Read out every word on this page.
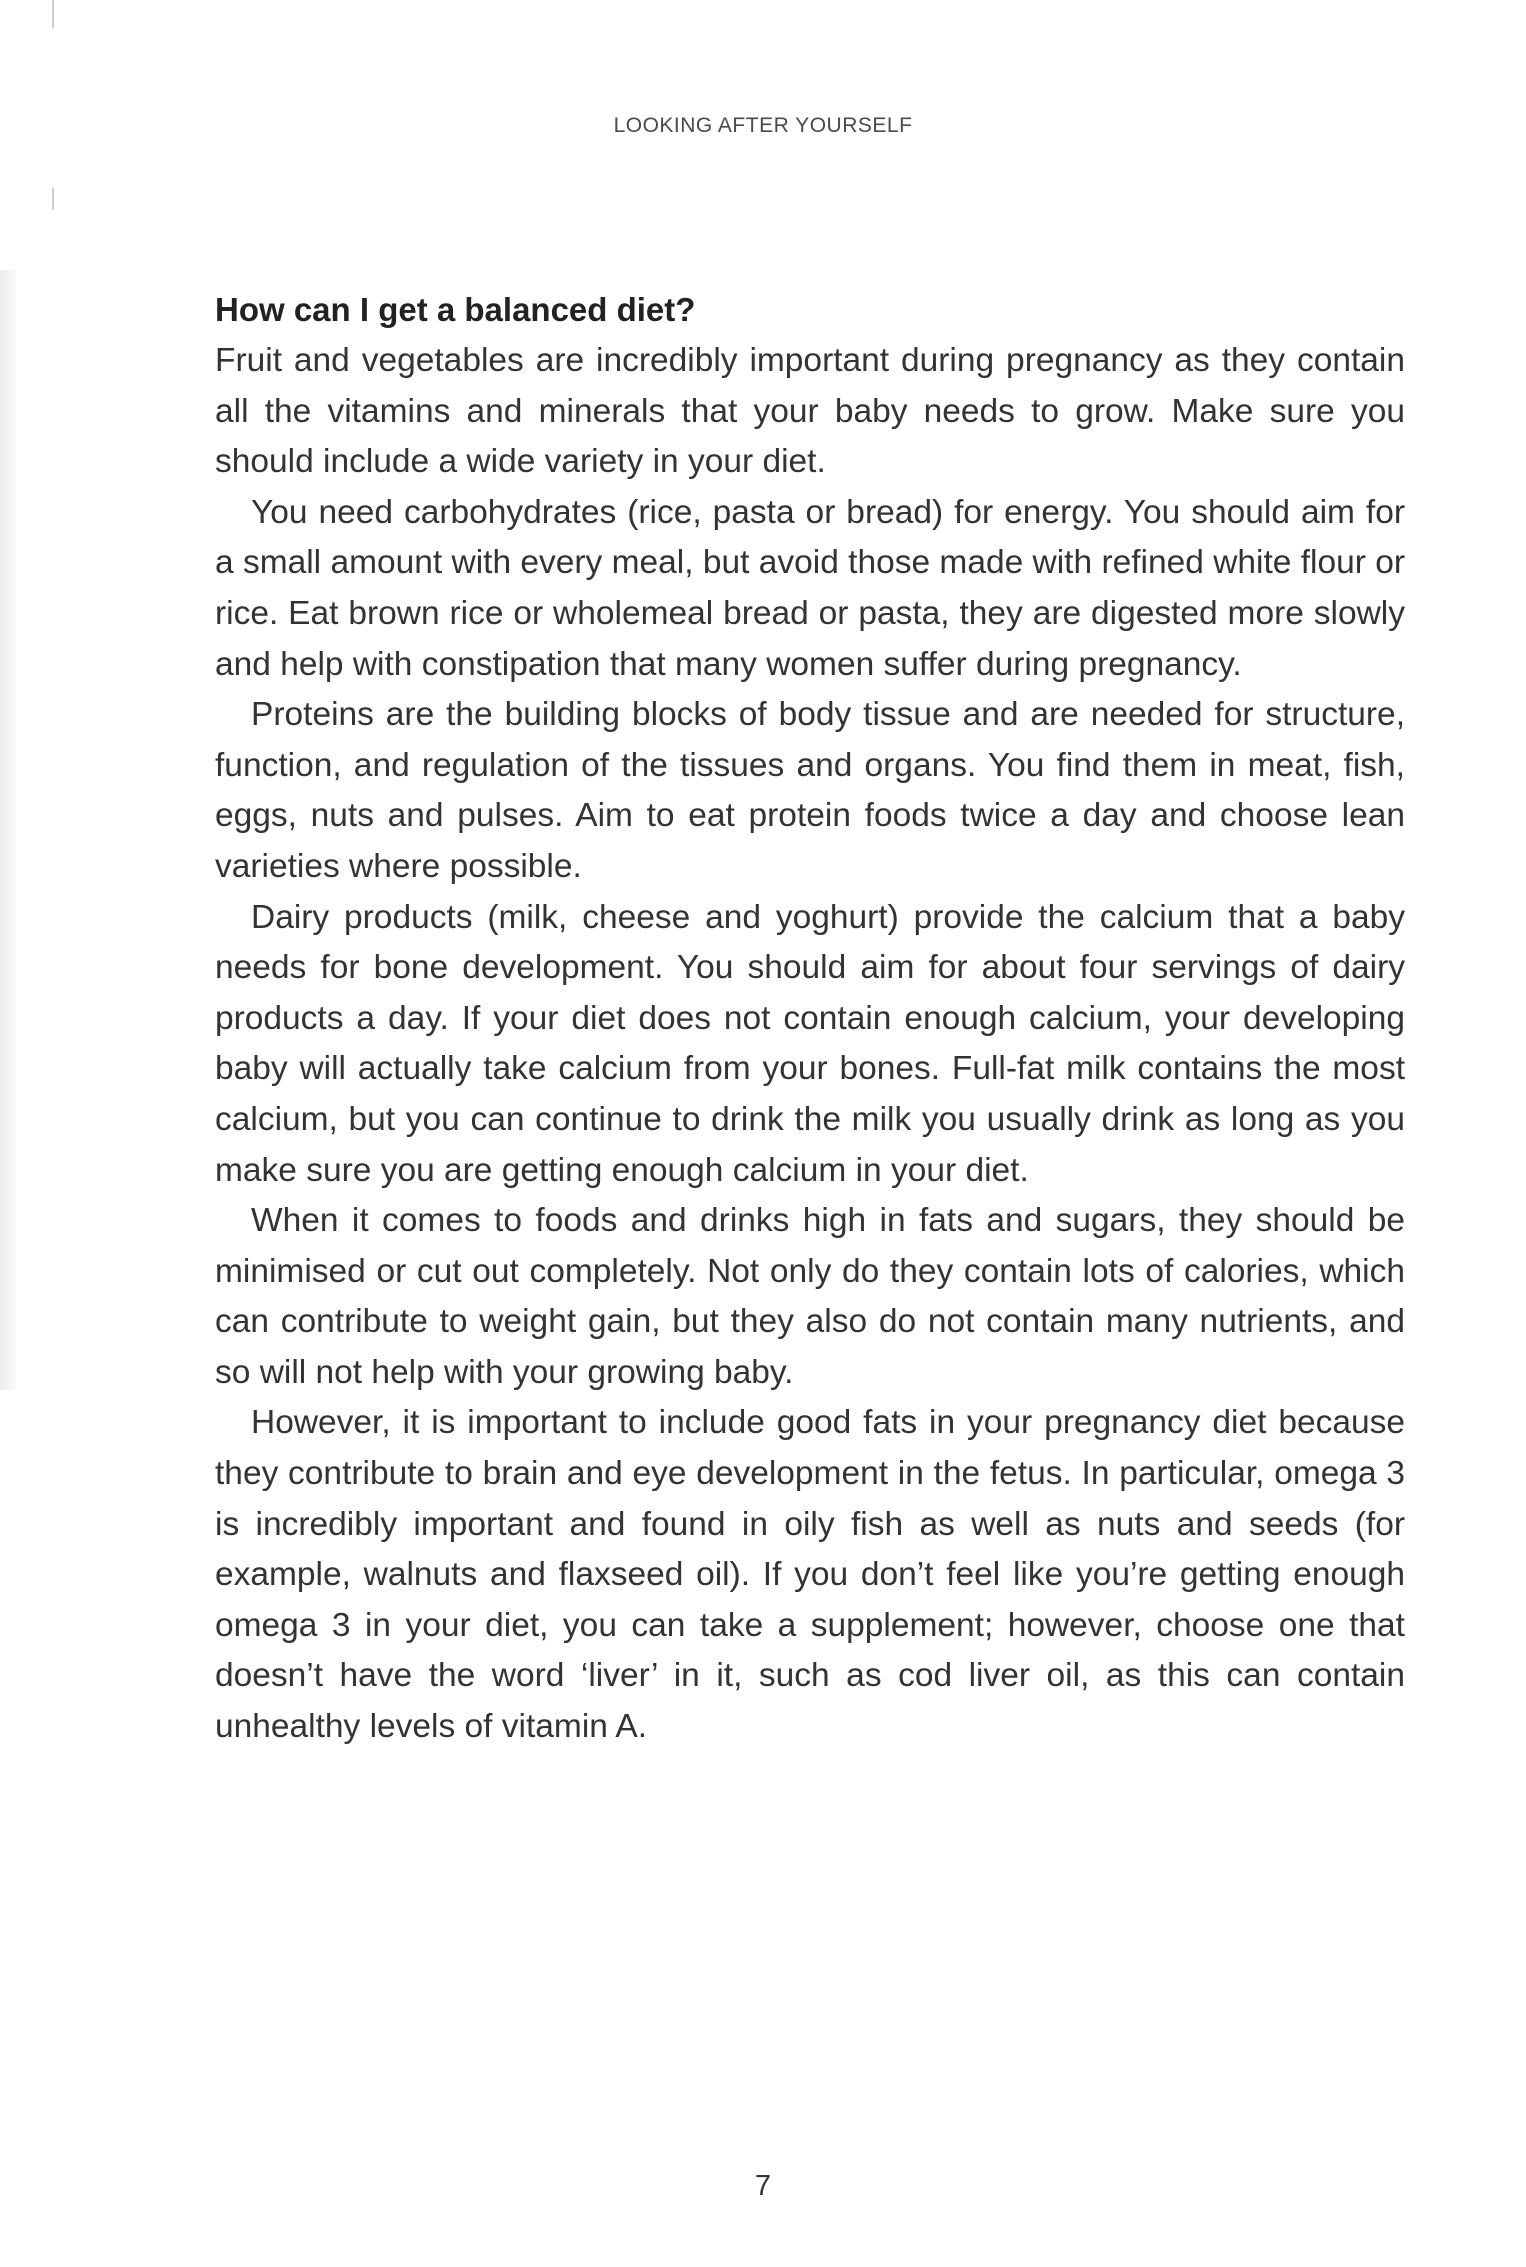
LOOKING AFTER YOURSELF
How can I get a balanced diet?

Fruit and vegetables are incredibly important during pregnancy as they contain all the vitamins and minerals that your baby needs to grow. Make sure you should include a wide variety in your diet.

You need carbohydrates (rice, pasta or bread) for energy. You should aim for a small amount with every meal, but avoid those made with refined white flour or rice. Eat brown rice or wholemeal bread or pasta, they are digested more slowly and help with constipation that many women suffer during pregnancy.

Proteins are the building blocks of body tissue and are needed for structure, function, and regulation of the tissues and organs. You find them in meat, fish, eggs, nuts and pulses. Aim to eat protein foods twice a day and choose lean varieties where possible.

Dairy products (milk, cheese and yoghurt) provide the calcium that a baby needs for bone development. You should aim for about four servings of dairy products a day. If your diet does not contain enough calcium, your developing baby will actually take calcium from your bones. Full-fat milk contains the most calcium, but you can continue to drink the milk you usually drink as long as you make sure you are getting enough calcium in your diet.

When it comes to foods and drinks high in fats and sugars, they should be minimised or cut out completely. Not only do they contain lots of calories, which can contribute to weight gain, but they also do not contain many nutrients, and so will not help with your growing baby.

However, it is important to include good fats in your pregnancy diet because they contribute to brain and eye development in the fetus. In particular, omega 3 is incredibly important and found in oily fish as well as nuts and seeds (for example, walnuts and flaxseed oil). If you don’t feel like you’re getting enough omega 3 in your diet, you can take a supplement; however, choose one that doesn’t have the word ‘liver’ in it, such as cod liver oil, as this can contain unhealthy levels of vitamin A.

7
